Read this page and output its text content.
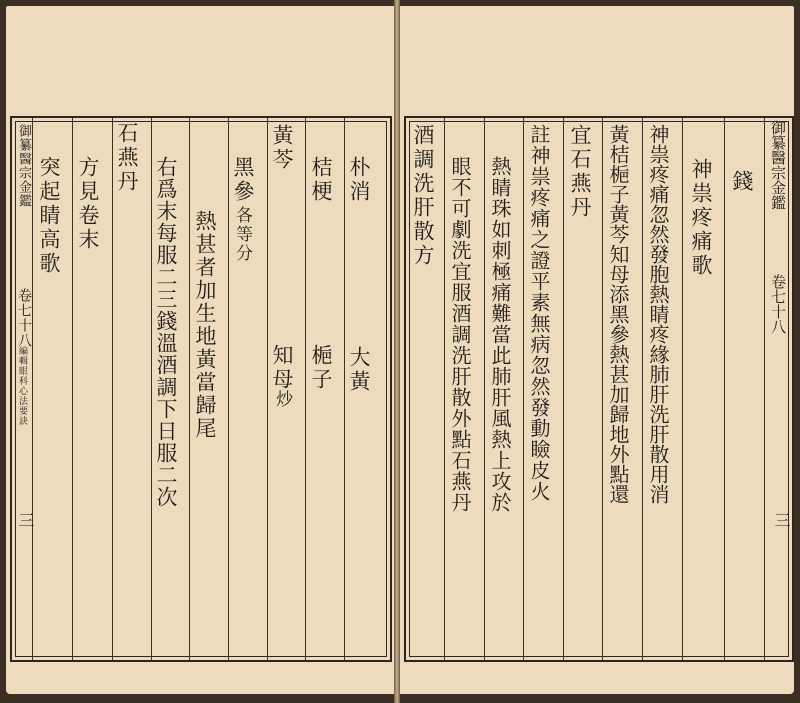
御纂醫宗金鑑
卷七十八
編輯眼科心法要訣
三
朴消
大黃
桔梗
梔子
黃芩
知母
炒
黑參
各等分
熱甚者加生地黃當歸尾
右爲末每服二三錢溫酒調下日服二次
石燕丹
方見卷末
突起睛高歌	御纂醫宗金鑑
卷七十八
三
錢
神祟疼痛歌
神祟疼痛忽然發胞熱睛疼緣肺肝洗肝散用消
黃桔梔子黃芩知母添黑參熱甚加歸地外點還
宜石燕丹
註神祟疼痛之證平素無病忽然發動瞼皮火
熱睛珠如刺極痛難當此肺肝風熱上攻於
眼不可劇洗宜服酒調洗肝散外點石燕丹
酒調洗肝散方
